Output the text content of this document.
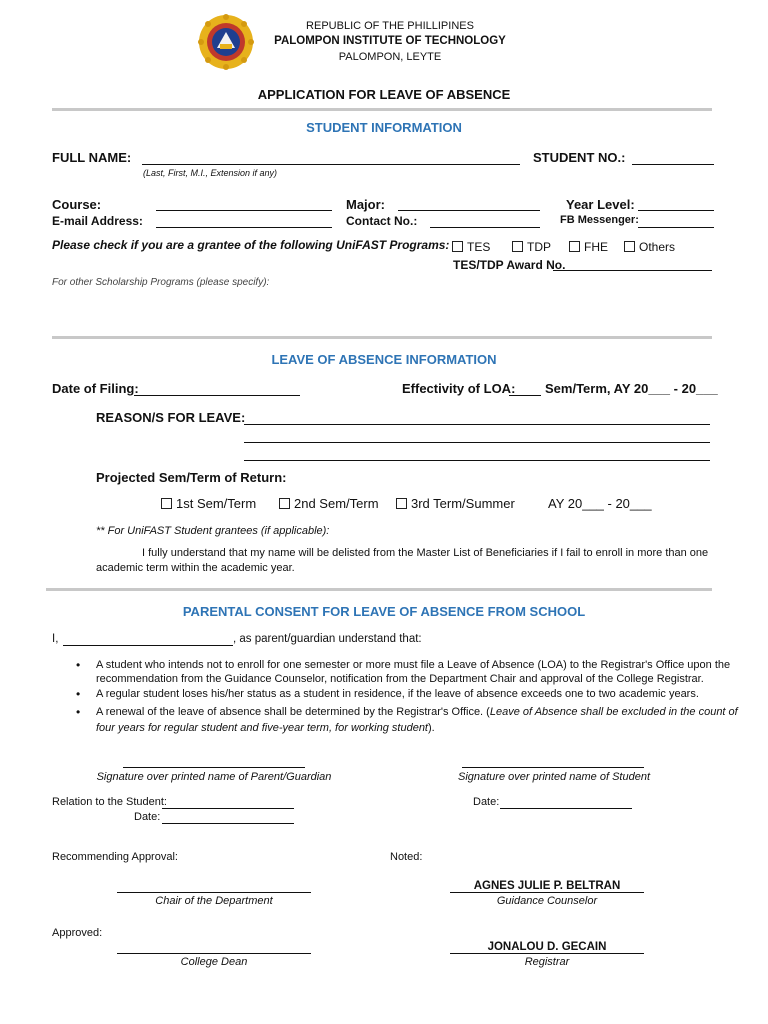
REPUBLIC OF THE PHILLIPINES
PALOMPON INSTITUTE OF TECHNOLOGY
PALOMPON, LEYTE
APPLICATION FOR LEAVE OF ABSENCE
STUDENT INFORMATION
FULL NAME:
(Last, First, M.I., Extension if any)
STUDENT NO.:
Course:	Major:	Year Level:
E-mail Address:	Contact No.:	FB Messenger:
Please check if you are a grantee of the following UniFAST Programs:	TES	TDP	FHE	Others
TES/TDP Award No.
For other Scholarship Programs (please specify):
LEAVE OF ABSENCE INFORMATION
Date of Filing:	Effectivity of LOA: Sem/Term, AY 20___ - 20___
REASON/S FOR LEAVE:
Projected Sem/Term of Return:
1st Sem/Term	2nd Sem/Term	3rd Term/Summer	AY 20___ - 20___
** For UniFAST Student grantees (if applicable):
I fully understand that my name will be delisted from the Master List of Beneficiaries if I fail to enroll in more than one
academic term within the academic year.
PARENTAL CONSENT FOR LEAVE OF ABSENCE FROM SCHOOL
I,	, as parent/guardian understand that:
• A student who intends not to enroll for one semester or more must file a Leave of Absence (LOA) to the Registrar's Office upon the
recommendation from the Guidance Counselor, notification from the Department Chair and approval of the College Registrar.
• A regular student loses his/her status as a student in residence, if the leave of absence exceeds one to two academic years.
• A renewal of the leave of absence shall be determined by the Registrar's Office. (Leave of Absence shall be excluded in the count of
four years for regular student and five-year term, for working student).
Signature over printed name of Parent/Guardian	Signature over printed name of Student
Relation to the Student:
Date:
Date:
Recommending Approval:	Noted:
Chair of the Department
AGNES JULIE P. BELTRAN
Guidance Counselor
Approved:
College Dean
JONALOU D. GECAIN
Registrar
